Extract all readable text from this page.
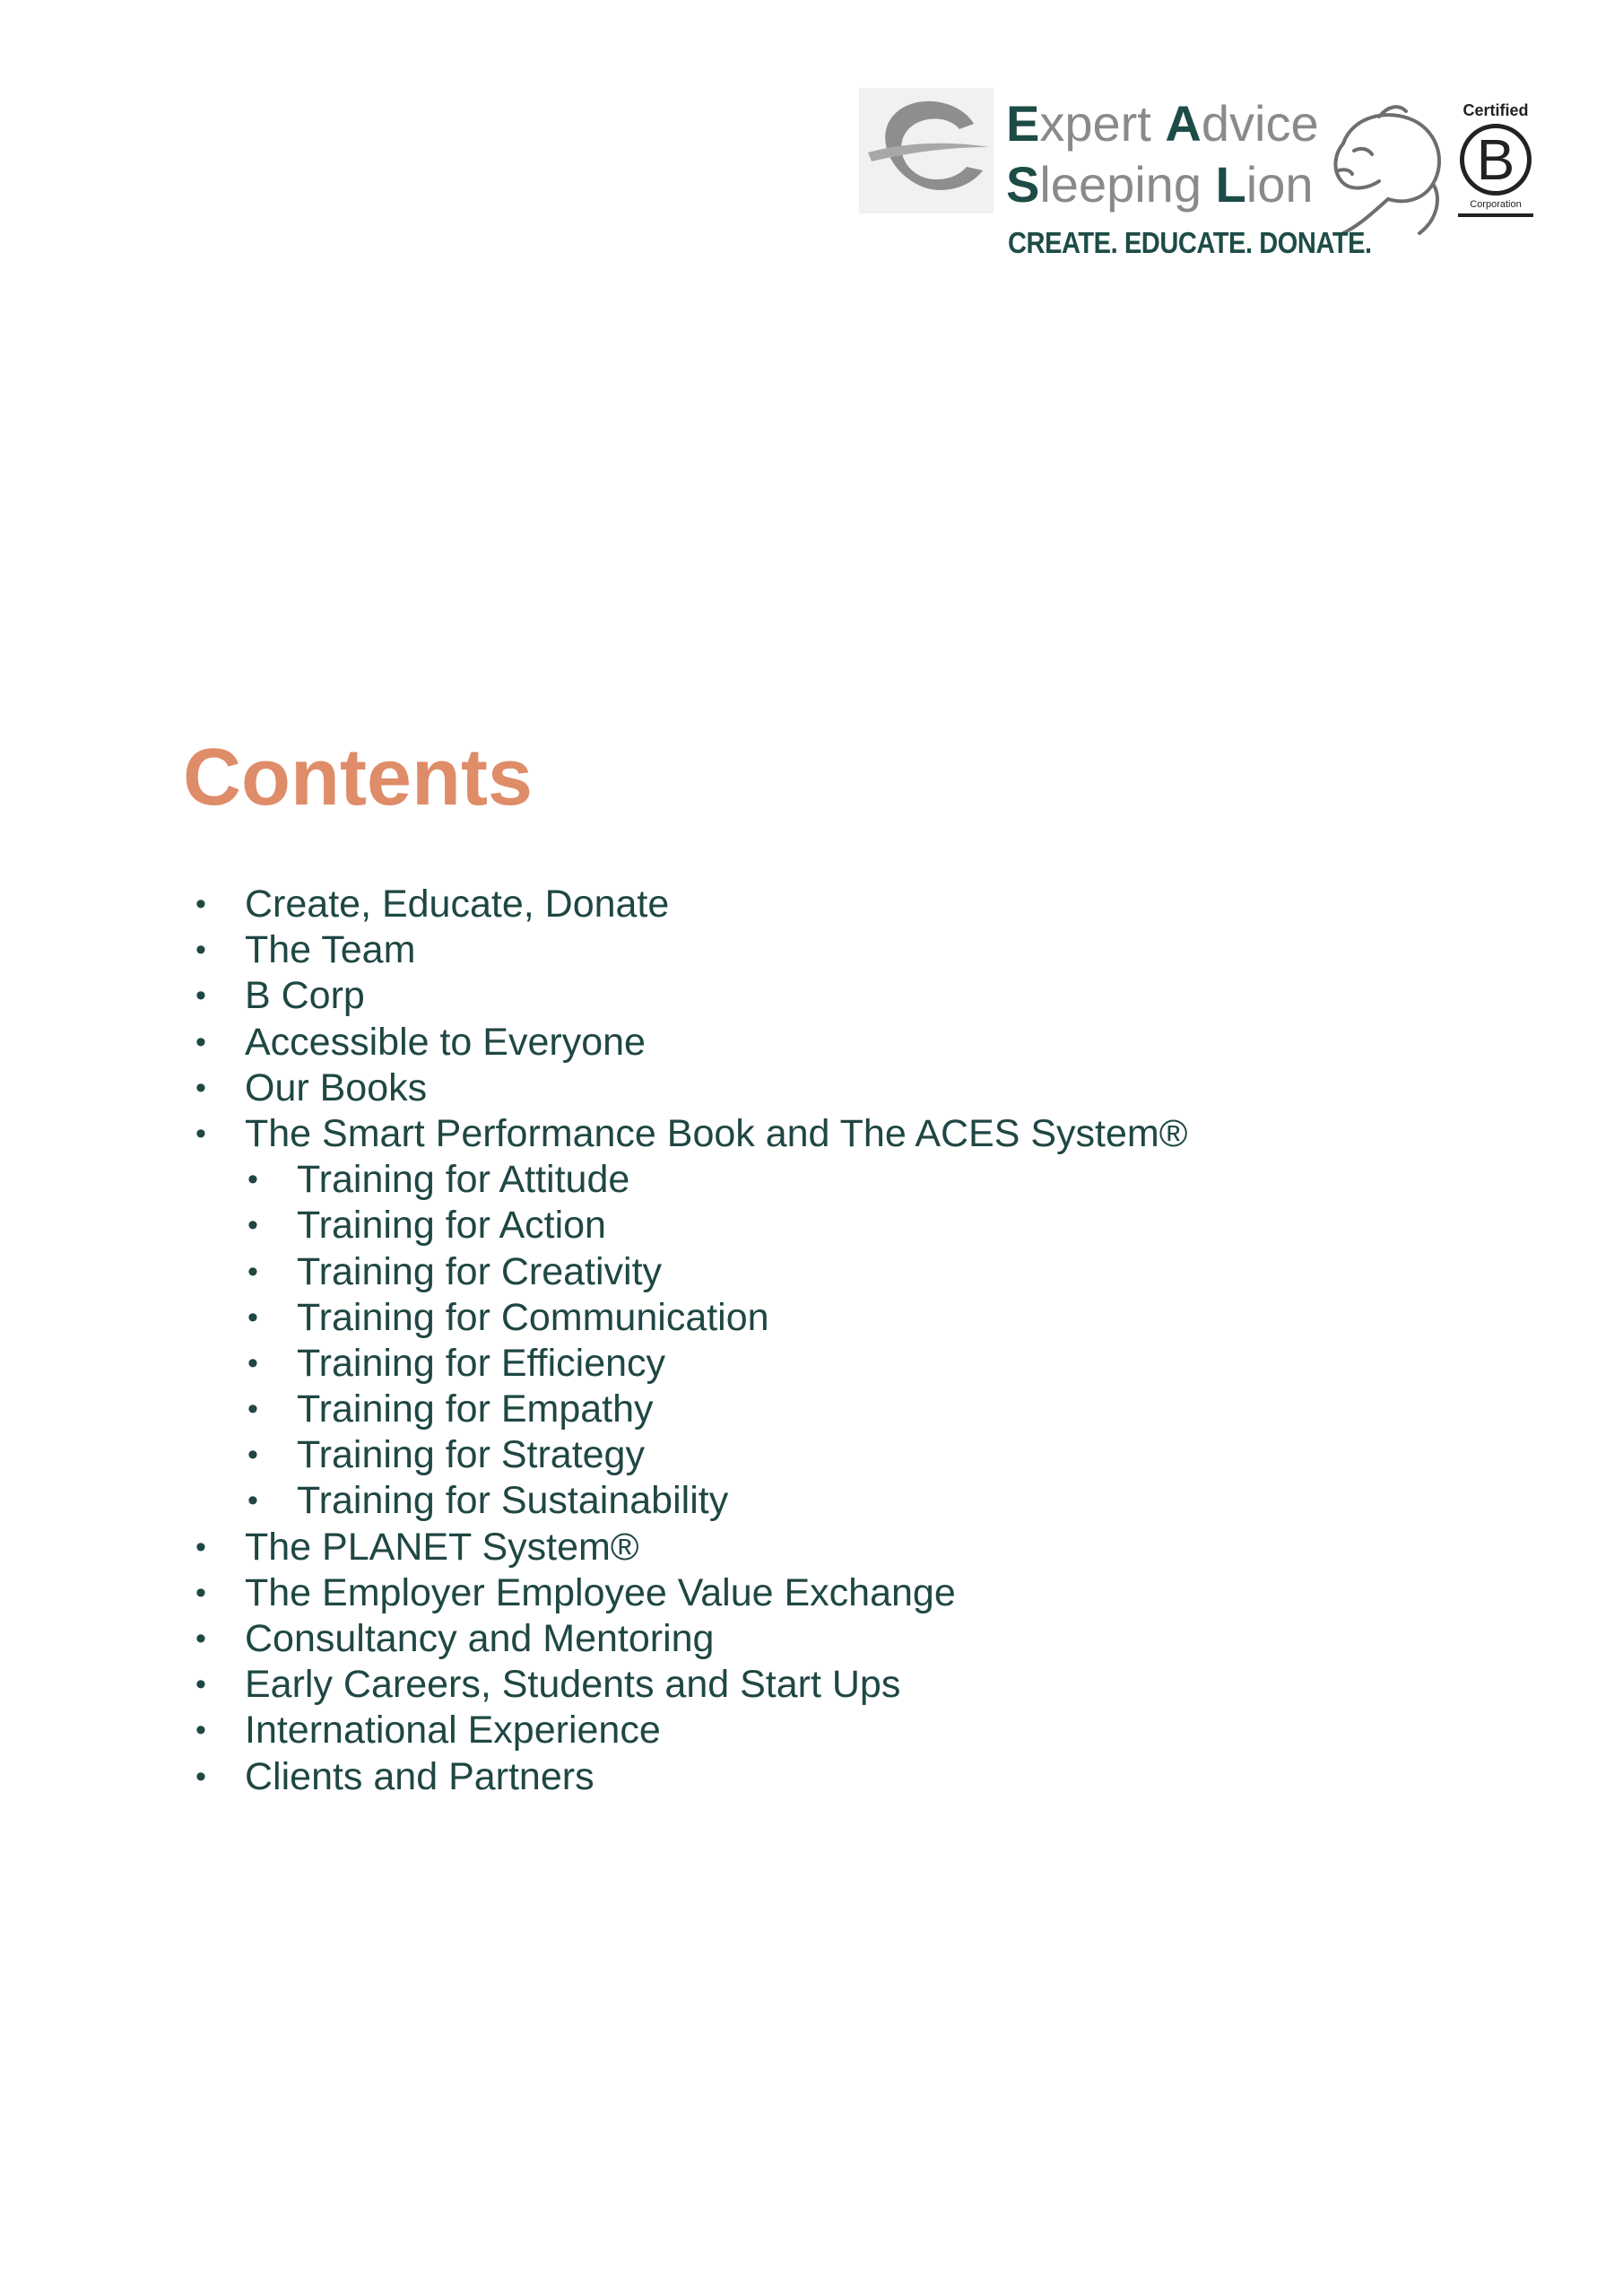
Expert Advice
Sleeping Lion
CREATE. EDUCATE. DONATE.
Certified
B
Corporation
Contents
• Create, Educate, Donate
• The Team
• B Corp
• Accessible to Everyone
• Our Books
• The Smart Performance Book and The ACES System®
• Training for Attitude
• Training for Action
• Training for Creativity
• Training for Communication
• Training for Efficiency
• Training for Empathy
• Training for Strategy
• Training for Sustainability
• The PLANET System®
• The Employer Employee Value Exchange
• Consultancy and Mentoring
• Early Careers, Students and Start Ups
• International Experience
• Clients and Partners
